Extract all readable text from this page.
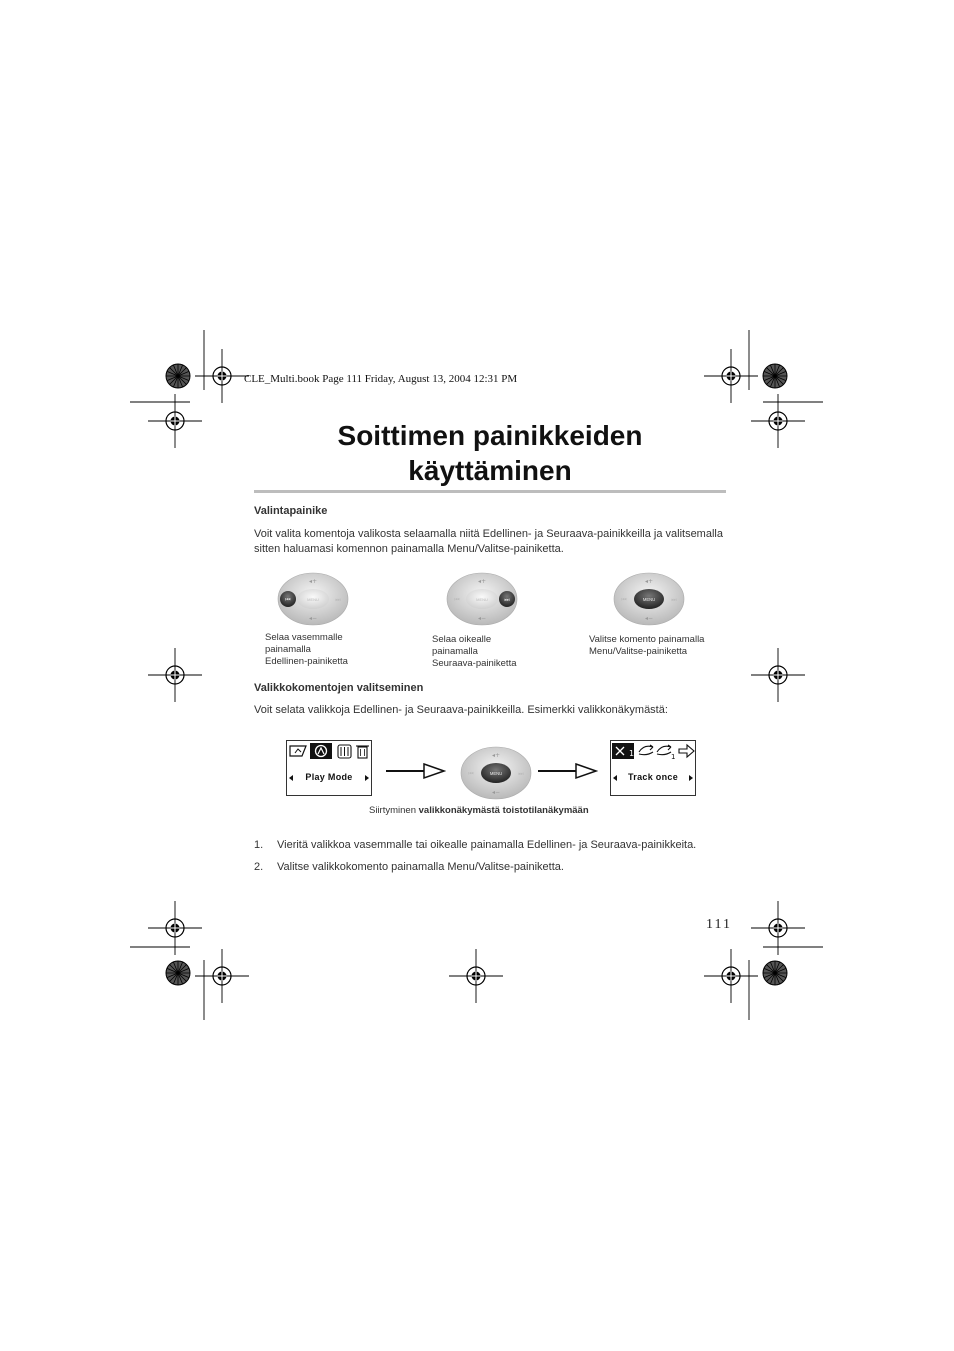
CLE_Multi.book Page 111 Friday, August 13, 2004 12:31 PM
Soittimen painikkeiden
käyttäminen
Valintapainike
Voit valita komentoja valikosta selaamalla niitä Edellinen- ja Seuraava-painikkeilla ja valitsemalla sitten haluamasi komennon painamalla Menu/Valitse-painiketta.
MENU
◂+
◂−
⏮	⏭	MENU
◂+
◂−
⏮	⏭	MENU
◂+
◂−
⏮	⏭
Selaa vasemmalle
painamalla
Edellinen-painiketta
Selaa oikealle
painamalla
Seuraava-painiketta
Valitse komento painamalla
Menu/Valitse-painiketta
Valikkokomentojen valitseminen
Voit selata valikkoja Edellinen- ja Seuraava-painikkeilla. Esimerkki valikkonäkymästä:
Play Mode	MENU
◂+
◂−
⏮	⏭
1	1
Track once
Siirtyminen valikkonäkymästä toistotilanäkymään
1. Vieritä valikkoa vasemmalle tai oikealle painamalla Edellinen- ja Seuraava-painikkeita.
2. Valitse valikkokomento painamalla Menu/Valitse-painiketta.
111
